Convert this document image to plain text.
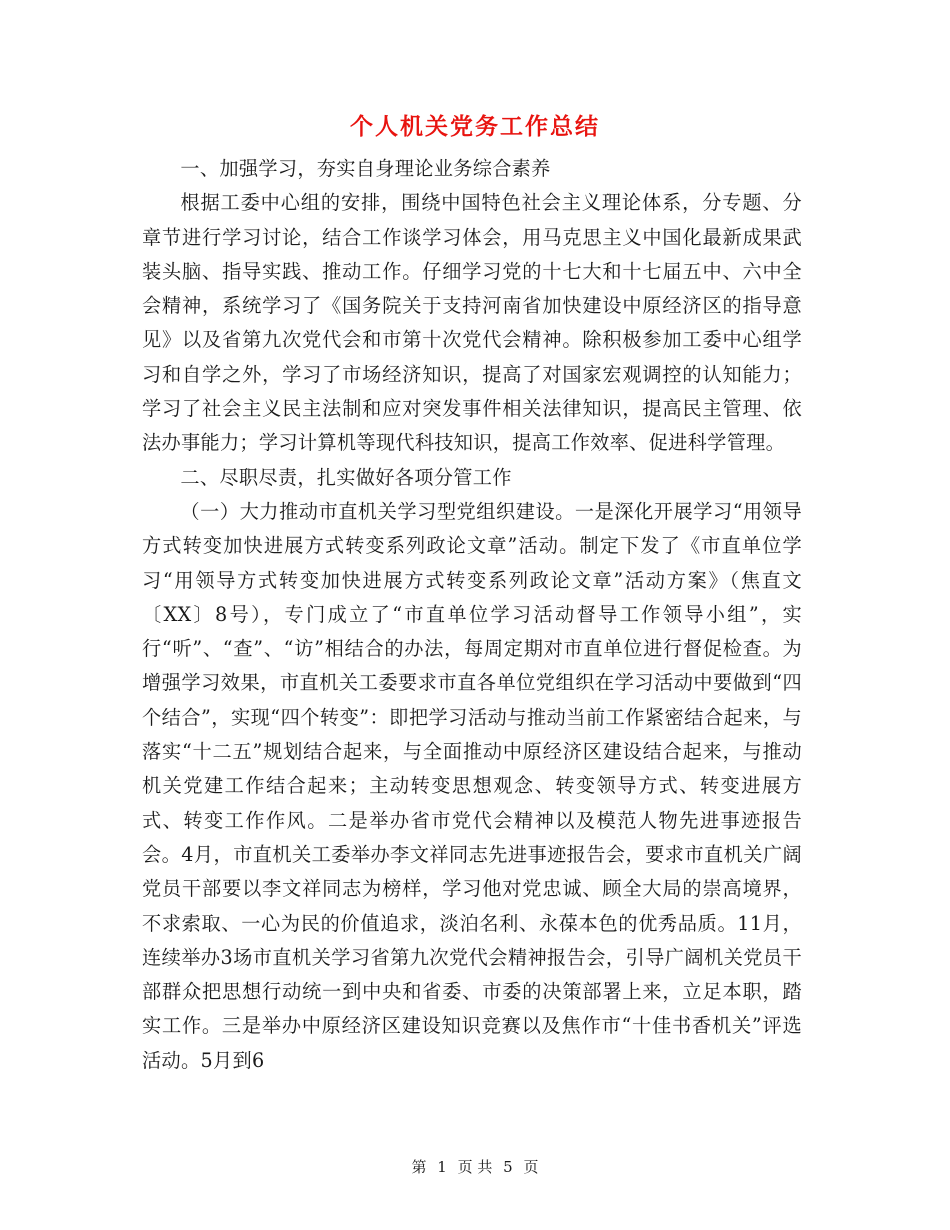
个人机关党务工作总结

一、加强学习，夯实自身理论业务综合素养

根据工委中心组的安排，围绕中国特色社会主义理论体系，分专题、分章节进行学习讨论，结合工作谈学习体会，用马克思主义中国化最新成果武装头脑、指导实践、推动工作。仔细学习党的十七大和十七届五中、六中全会精神，系统学习了《国务院关于支持河南省加快建设中原经济区的指导意见》以及省第九次党代会和市第十次党代会精神。除积极参加工委中心组学习和自学之外，学习了市场经济知识，提高了对国家宏观调控的认知能力；学习了社会主义民主法制和应对突发事件相关法律知识，提高民主管理、依法办事能力；学习计算机等现代科技知识，提高工作效率、促进科学管理。

二、尽职尽责，扎实做好各项分管工作

（一）大力推动市直机关学习型党组织建设。一是深化开展学习“用领导方式转变加快进展方式转变系列政论文章”活动。制定下发了《市直单位学习“用领导方式转变加快进展方式转变系列政论文章”活动方案》（焦直文〔XX〕8号），专门成立了“市直单位学习活动督导工作领导小组”，实行“听”、“查”、“访”相结合的办法，每周定期对市直单位进行督促检查。为增强学习效果，市直机关工委要求市直各单位党组织在学习活动中要做到“四个结合”，实现“四个转变”：即把学习活动与推动当前工作紧密结合起来，与落实“十二五”规划结合起来，与全面推动中原经济区建设结合起来，与推动机关党建工作结合起来；主动转变思想观念、转变领导方式、转变进展方式、转变工作作风。二是举办省市党代会精神以及模范人物先进事迹报告会。4月，市直机关工委举办李文祥同志先进事迹报告会，要求市直机关广阔党员干部要以李文祥同志为榜样，学习他对党忠诚、顾全大局的崇高境界，不求索取、一心为民的价值追求，淡泊名利、永葆本色的优秀品质。11月，连续举办3场市直机关学习省第九次党代会精神报告会，引导广阔机关党员干部群众把思想行动统一到中央和省委、市委的决策部署上来，立足本职，踏实工作。三是举办中原经济区建设知识竞赛以及焦作市“十佳书香机关”评选活动。5月到6

第 1 页 共 5 页
